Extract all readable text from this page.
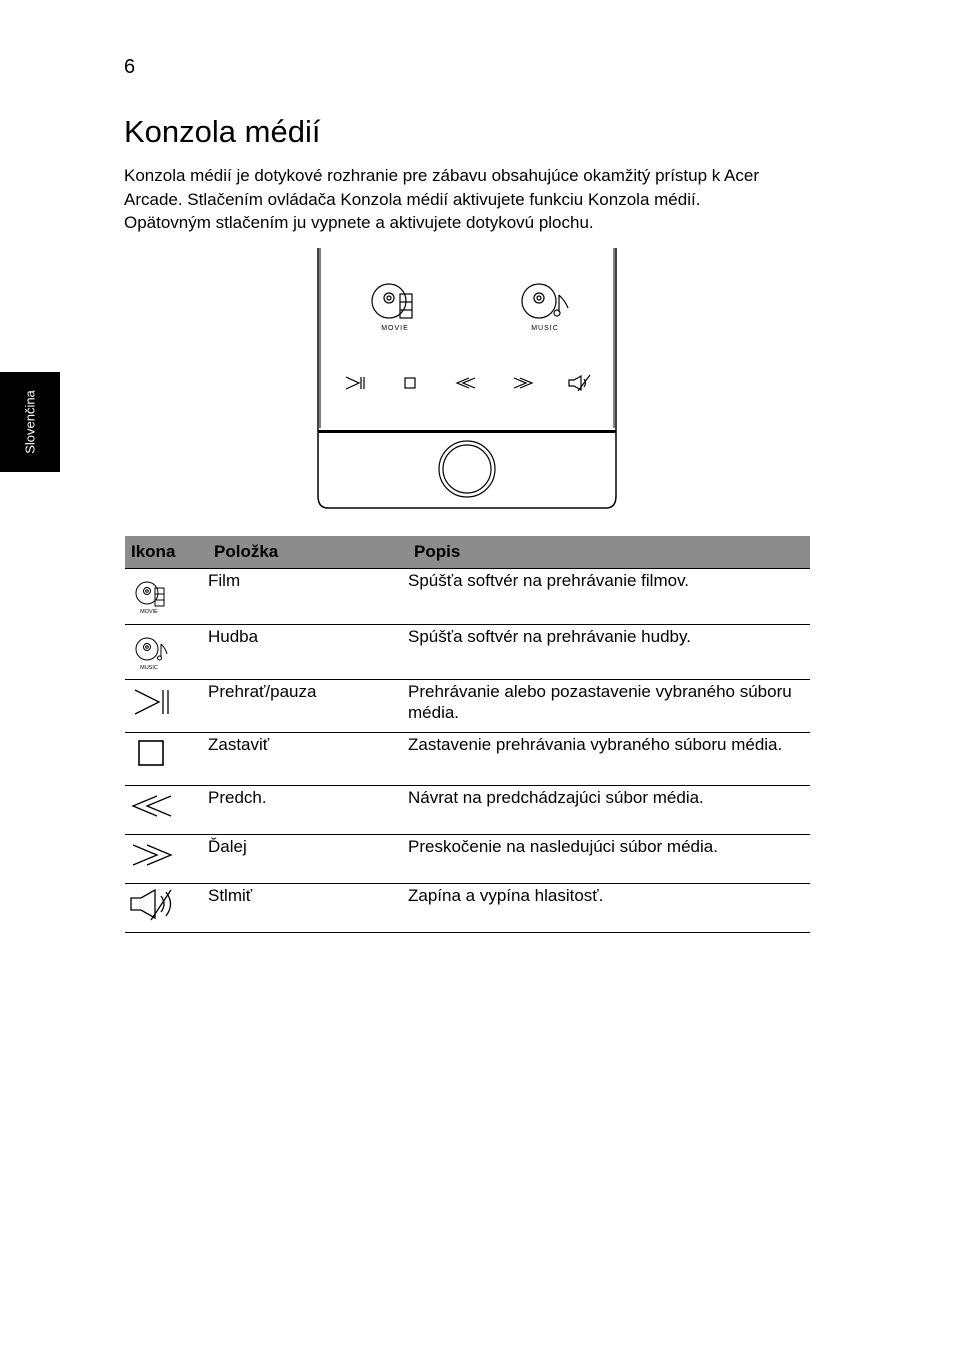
6
Konzola médií
Konzola médií je dotykové rozhranie pre zábavu obsahujúce okamžitý prístup k Acer
Arcade. Stlačením ovládača Konzola médií aktivujete funkciu Konzola médií.
Opätovným stlačením ju vypnete a aktivujete dotykovú plochu.
Slovenčina
MOVIE	MUSIC
Ikona	Položka	Popis

MOVIE	Film	Spúšťa softvér na prehrávanie filmov.

MUSIC	Hudba	Spúšťa softvér na prehrávanie hudby.

	Prehrať/pauza	Prehrávanie alebo pozastavenie vybraného súboru média.

	Zastaviť	Zastavenie prehrávania vybraného súboru média.

	Predch.	Návrat na predchádzajúci súbor média.

	Ďalej	Preskočenie na nasledujúci súbor média.

	Stlmiť	Zapína a vypína hlasitosť.
